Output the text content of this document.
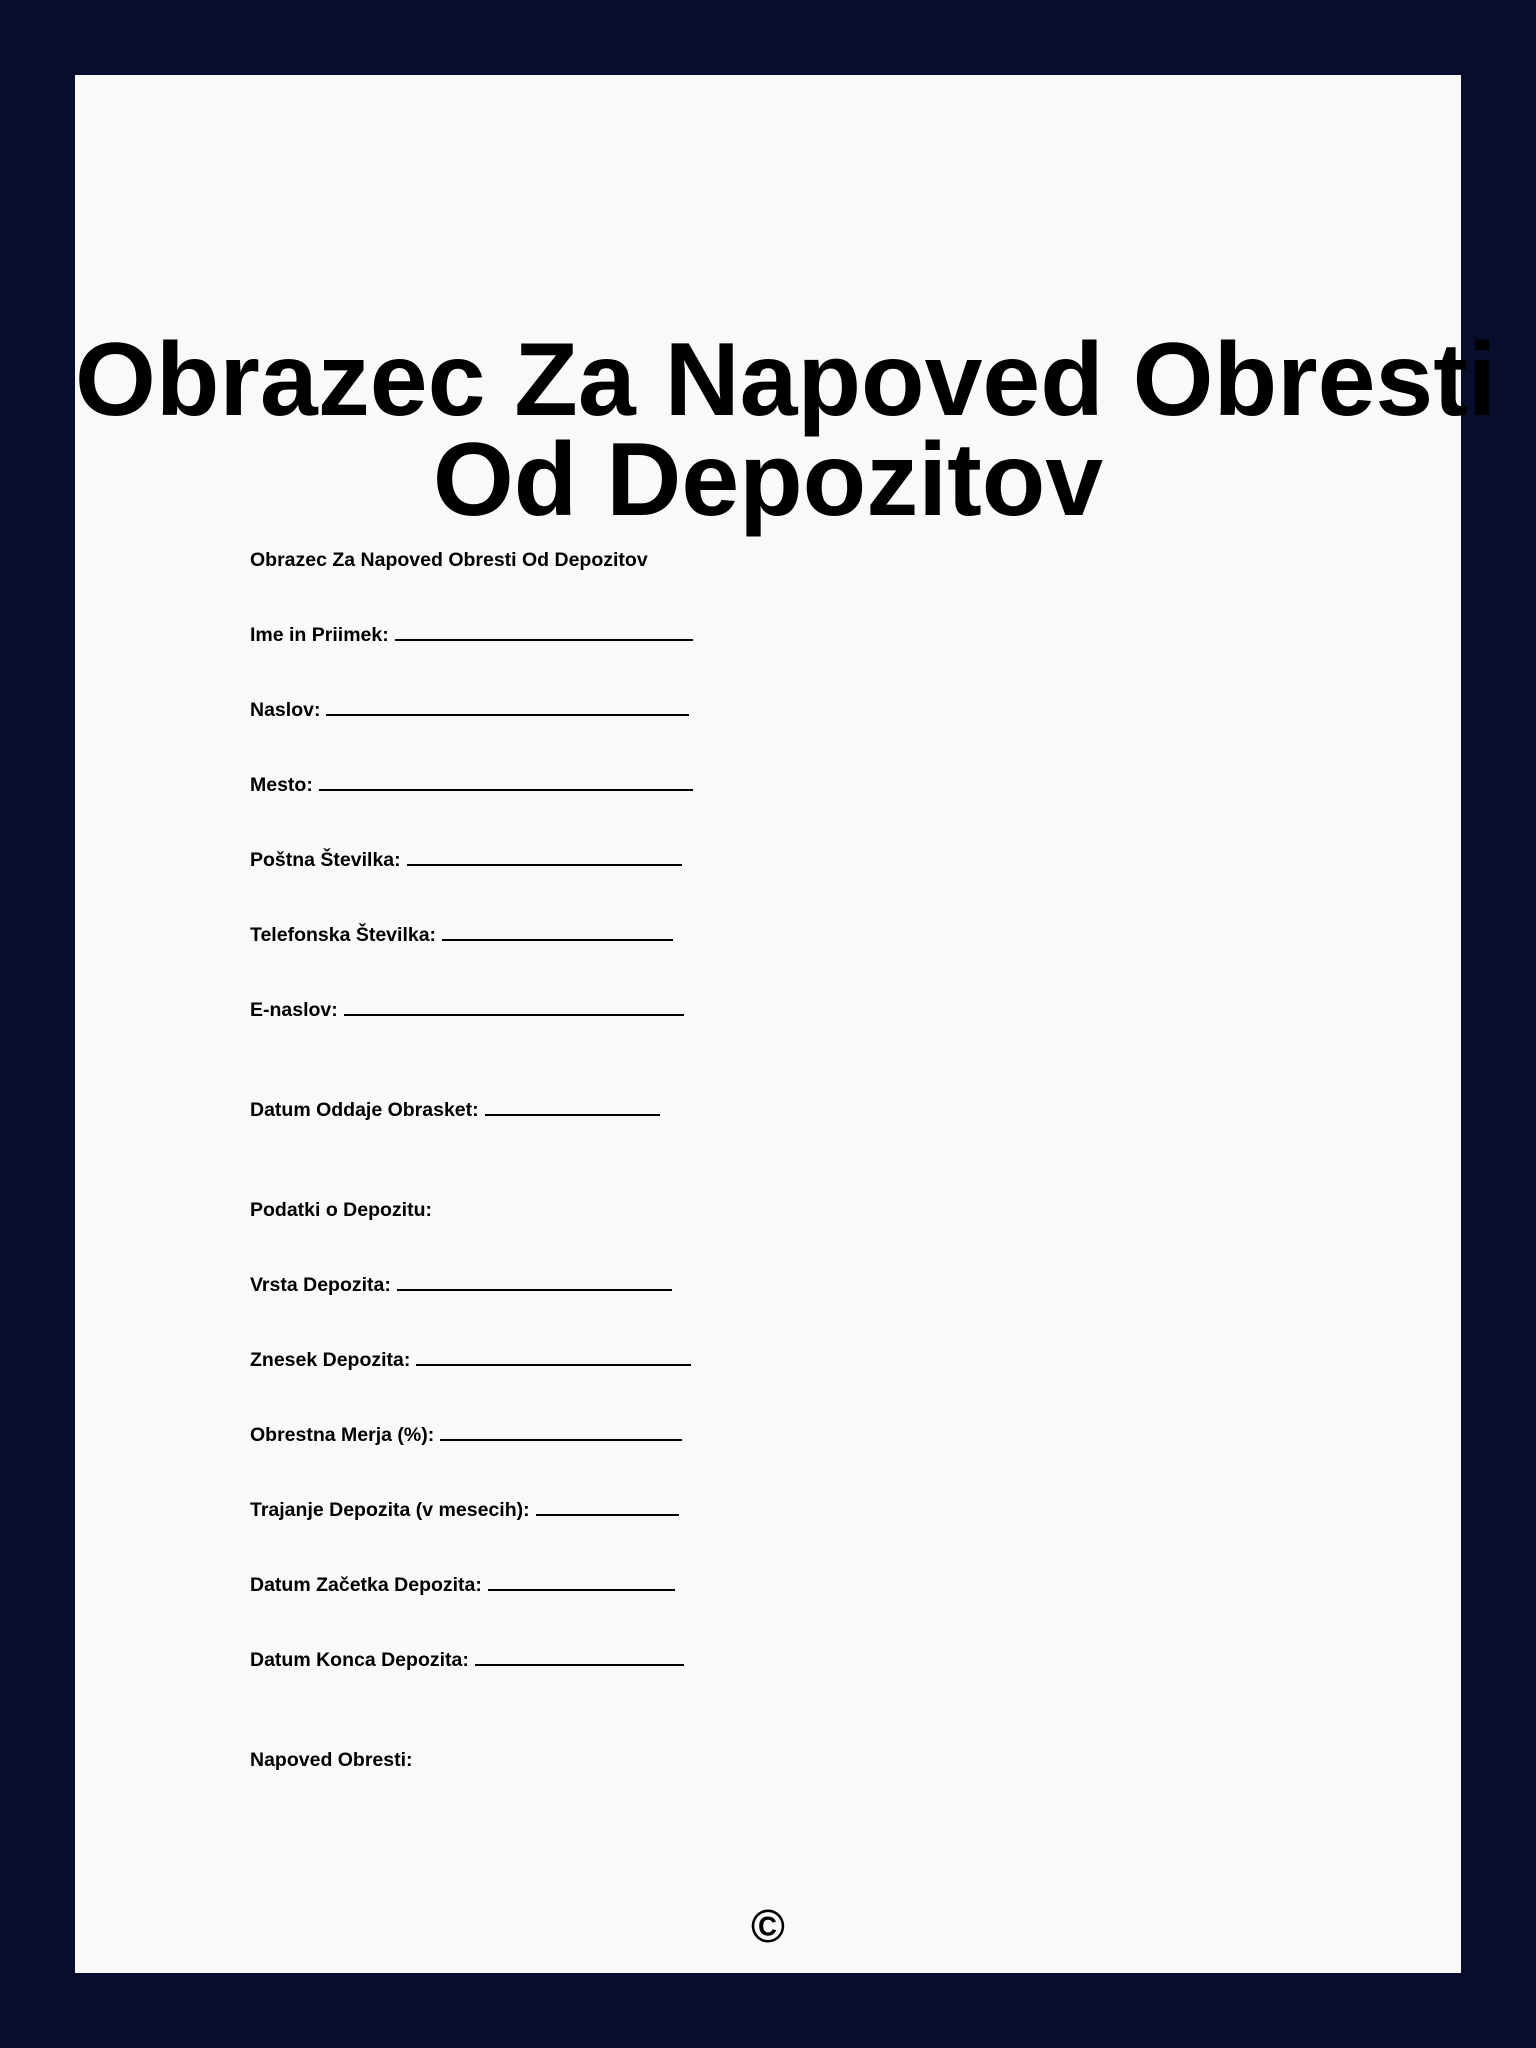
Obrazec Za Napoved Obresti
Od Depozitov
Obrazec Za Napoved Obresti Od Depozitov
Ime in Priimek:
Naslov:
Mesto:
Poštna Številka:
Telefonska Številka:
E-naslov:
Datum Oddaje Obrasket:
Podatki o Depozitu:
Vrsta Depozita:
Znesek Depozita:
Obrestna Merja (%):
Trajanje Depozita (v mesecih):
Datum Začetka Depozita:
Datum Konca Depozita:
Napoved Obresti:
©
